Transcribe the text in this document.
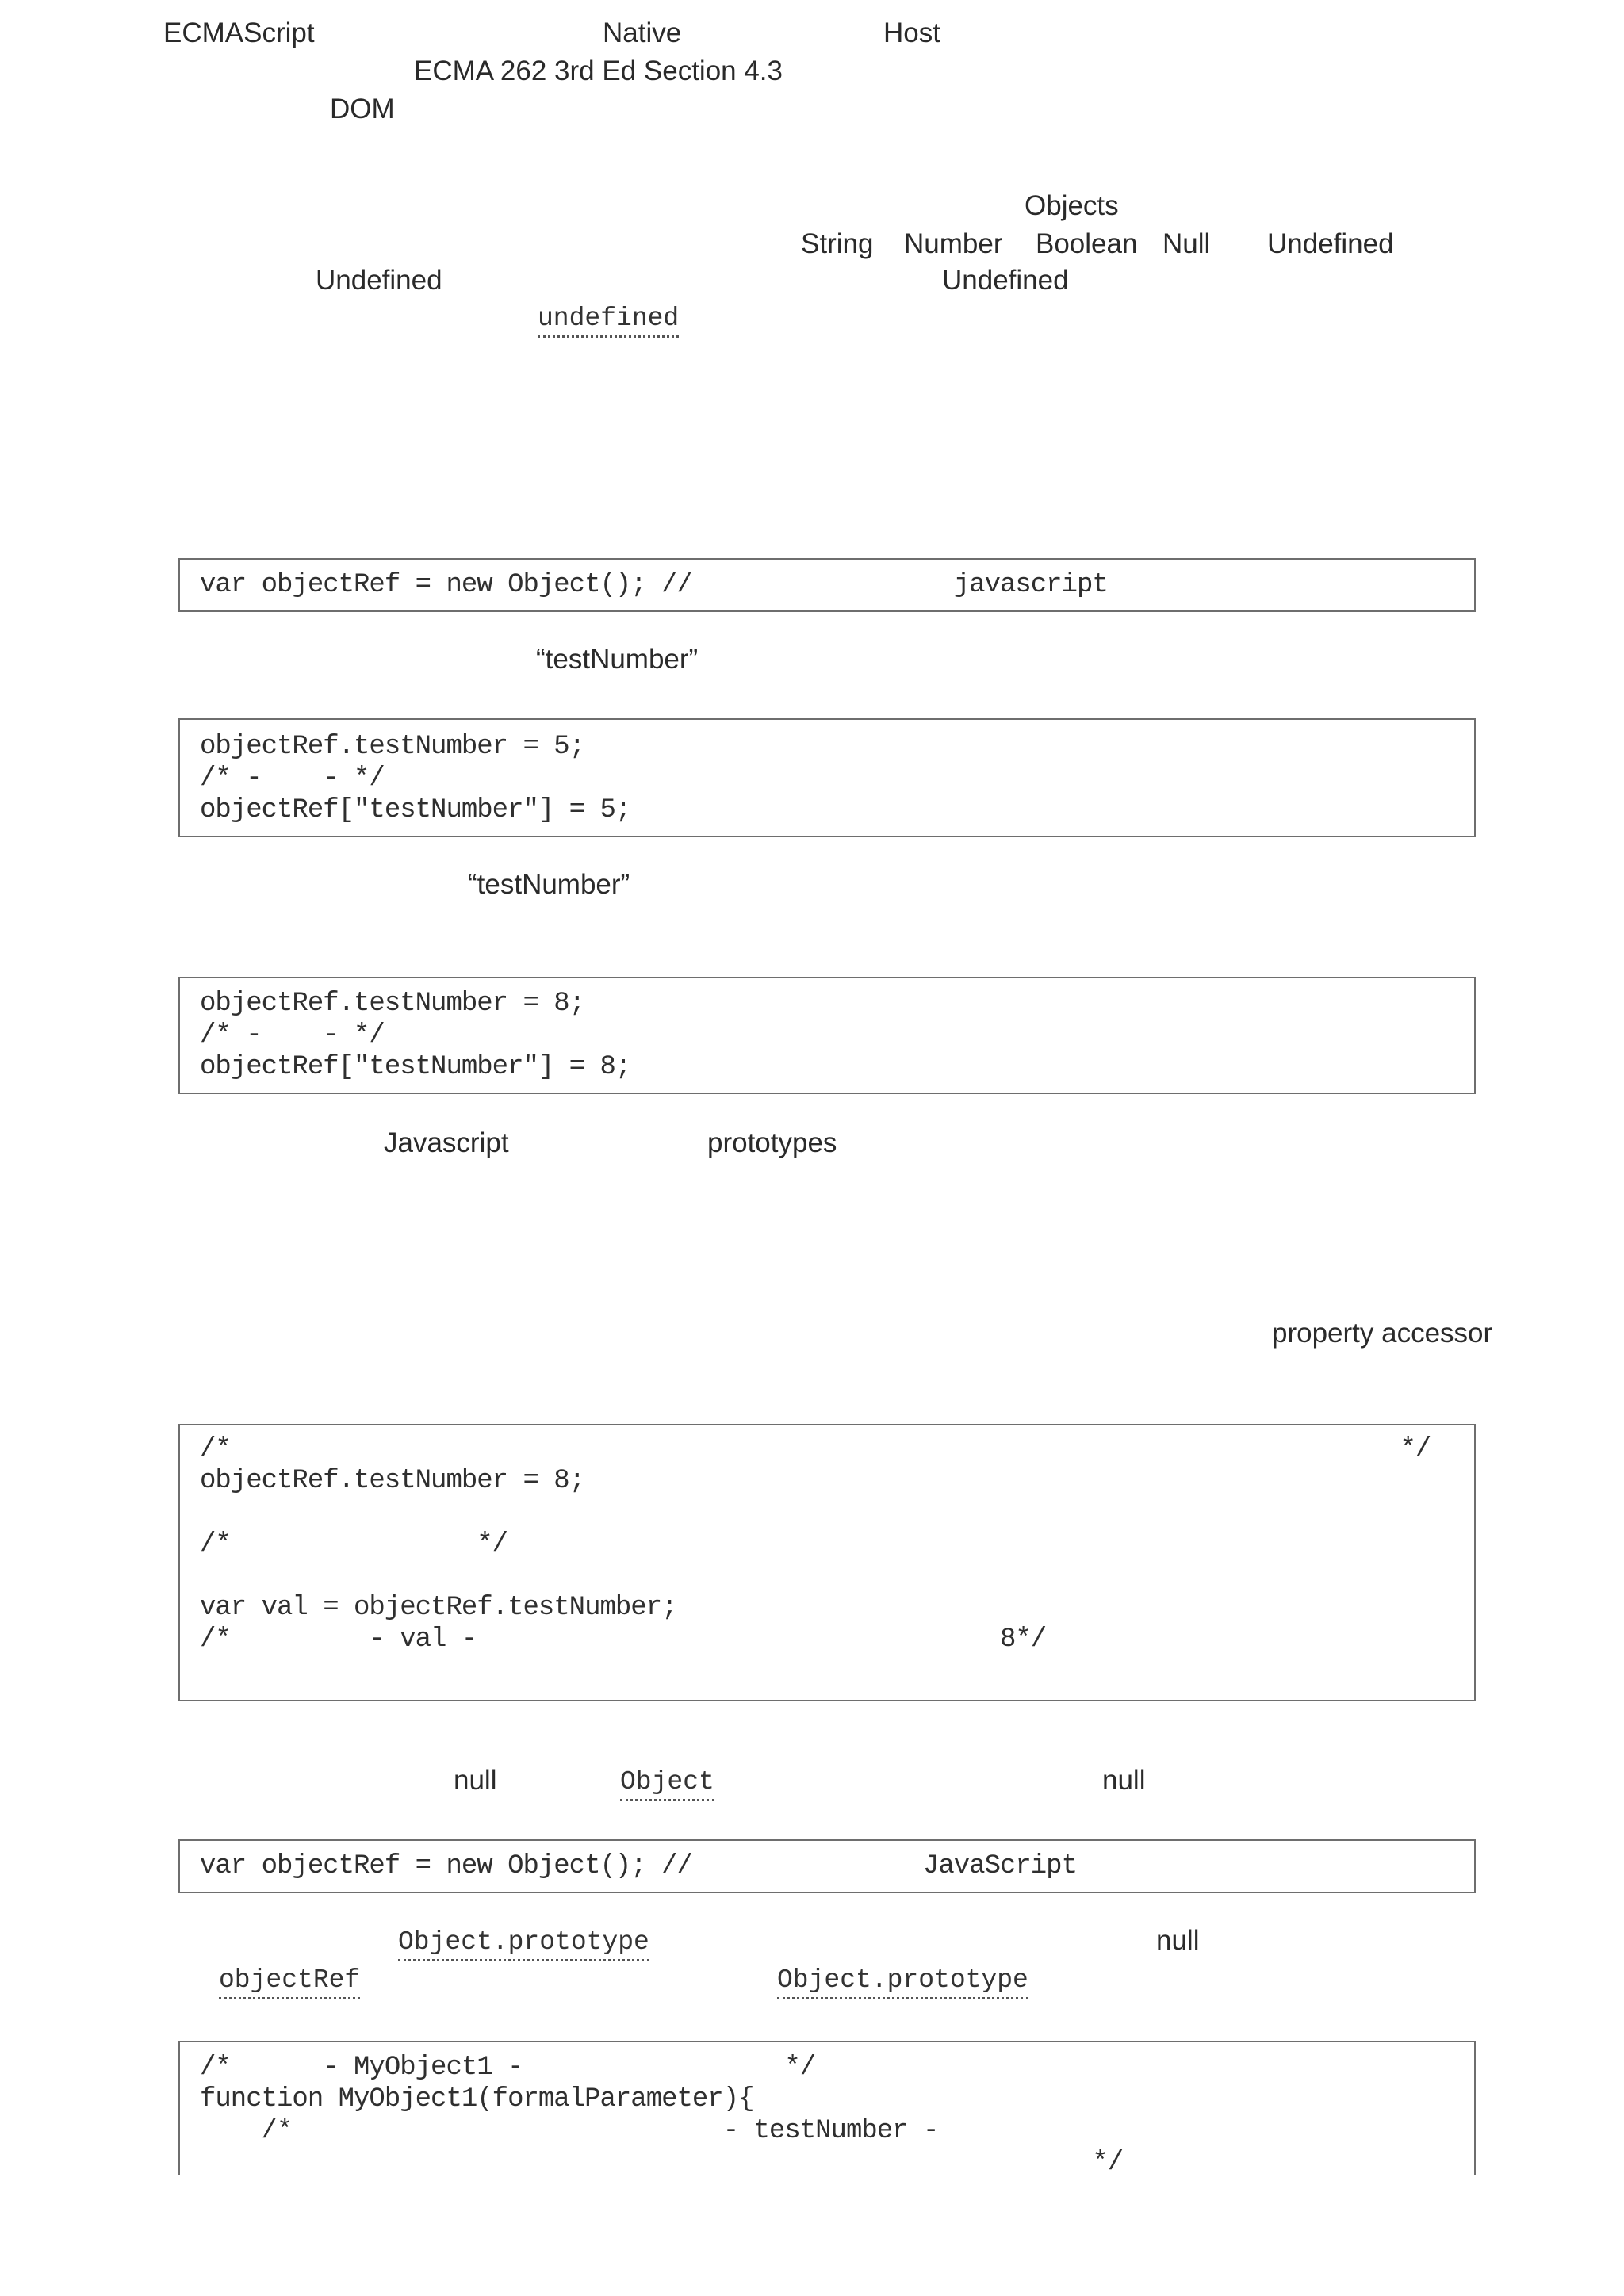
ECMAScript	Native	Host
ECMA 262 3rd Ed Section 4.3
DOM
Objects
String Number Boolean Null Undefined
Undefined	Undefined
undefined
var objectRef = new Object(); //                 javascript
“testNumber”
objectRef.testNumber = 5;
/* -    - */
objectRef["testNumber"] = 5;
“testNumber”
objectRef.testNumber = 8;
/* -    - */
objectRef["testNumber"] = 8;
Javascript	prototypes
property accessor
/*                                                                            */
objectRef.testNumber = 8;
/*                */
var val = objectRef.testNumber;
/*         - val -                                  8*/
null	Object	null
var objectRef = new Object(); //               JavaScript
Object.prototype	null
objectRef	Object.prototype
/*      - MyObject1 -                 */
function MyObject1(formalParameter){
/*                            - testNumber -
*/
